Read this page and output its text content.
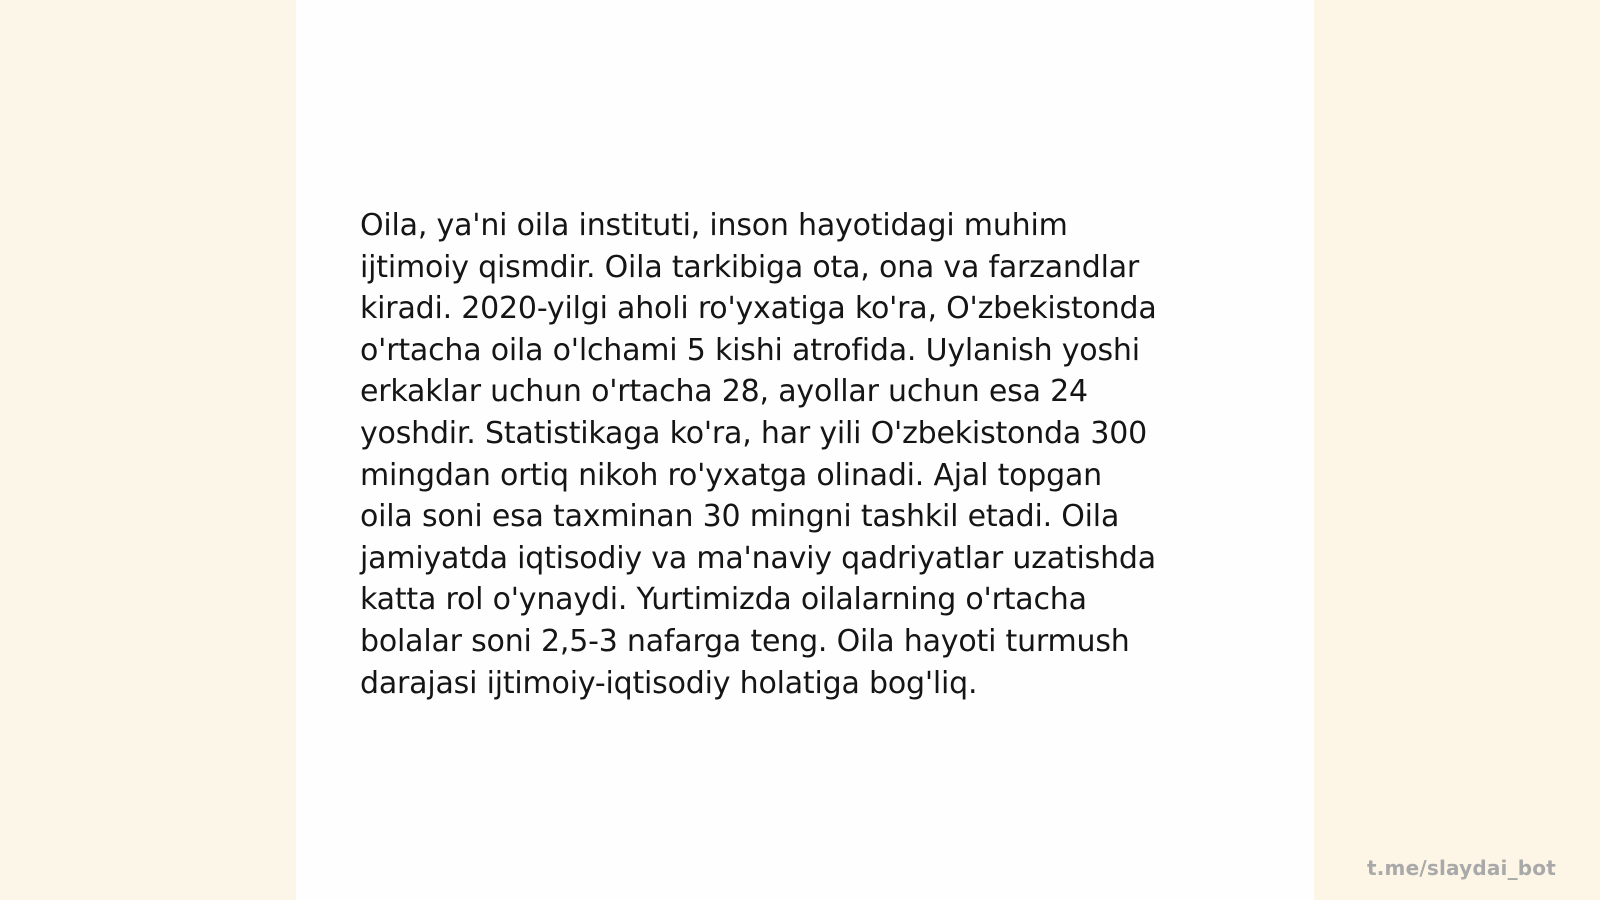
Oila, ya'ni oila instituti, inson hayotidagi muhim
ijtimoiy qismdir. Oila tarkibiga ota, ona va farzandlar
kiradi. 2020-yilgi aholi ro'yxatiga ko'ra, O'zbekistonda
o'rtacha oila o'lchami 5 kishi atrofida. Uylanish yoshi
erkaklar uchun o'rtacha 28, ayollar uchun esa 24
yoshdir. Statistikaga ko'ra, har yili O'zbekistonda 300
mingdan ortiq nikoh ro'yxatga olinadi. Ajal topgan
oila soni esa taxminan 30 mingni tashkil etadi. Oila
jamiyatda iqtisodiy va ma'naviy qadriyatlar uzatishda
katta rol o'ynaydi. Yurtimizda oilalarning o'rtacha
bolalar soni 2,5-3 nafarga teng. Oila hayoti turmush
darajasi ijtimoiy-iqtisodiy holatiga bog'liq.

t.me/slaydai_bot
